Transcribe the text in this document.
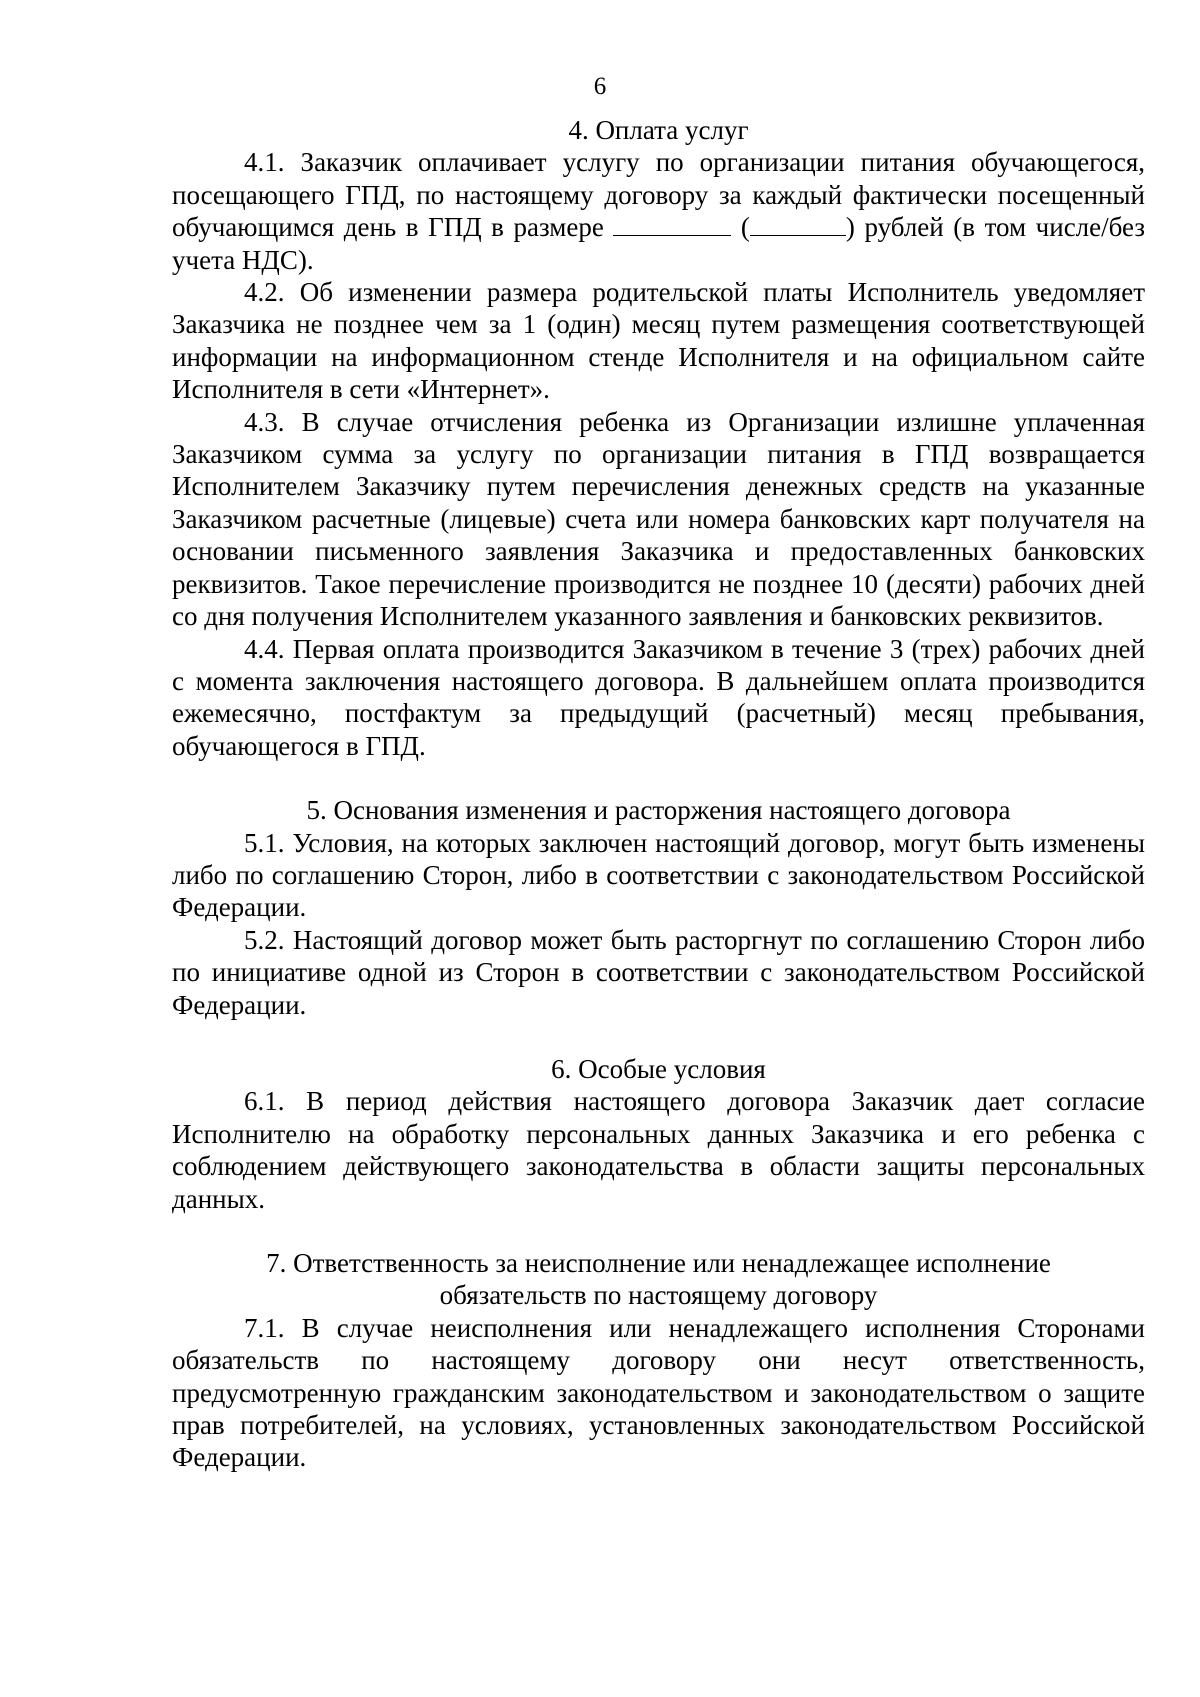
6

4. Оплата услуг

4.1. Заказчик оплачивает услугу по организации питания обучающегося, посещающего ГПД, по настоящему договору за каждый фактически посещенный обучающимся день в ГПД в размере	(	) рублей (в том числе/без учета НДС).

4.2. Об изменении размера родительской платы Исполнитель уведомляет Заказчика не позднее чем за 1 (один) месяц путем размещения соответствующей информации на информационном стенде Исполнителя и на официальном сайте Исполнителя в сети «Интернет».

4.3. В случае отчисления ребенка из Организации излишне уплаченная Заказчиком сумма за услугу по организации питания в ГПД возвращается Исполнителем Заказчику путем перечисления денежных средств на указанные Заказчиком расчетные (лицевые) счета или номера банковских карт получателя на основании письменного заявления Заказчика и предоставленных банковских реквизитов. Такое перечисление производится не позднее 10 (десяти) рабочих дней со дня получения Исполнителем указанного заявления и банковских реквизитов.

4.4. Первая оплата производится Заказчиком в течение 3 (трех) рабочих дней с момента заключения настоящего договора. В дальнейшем оплата производится ежемесячно, постфактум за предыдущий (расчетный) месяц пребывания, обучающегося в ГПД.

5. Основания изменения и расторжения настоящего договора

5.1. Условия, на которых заключен настоящий договор, могут быть изменены либо по соглашению Сторон, либо в соответствии с законодательством Российской Федерации.

5.2. Настоящий договор может быть расторгнут по соглашению Сторон либо по инициативе одной из Сторон в соответствии с законодательством Российской Федерации.

6. Особые условия

6.1. В период действия настоящего договора Заказчик дает согласие Исполнителю на обработку персональных данных Заказчика и его ребенка с соблюдением действующего законодательства в области защиты персональных данных.

7. Ответственность за неисполнение или ненадлежащее исполнение

обязательств по настоящему договору

7.1. В случае неисполнения или ненадлежащего исполнения Сторонами обязательств по настоящему договору они несут ответственность, предусмотренную гражданским законодательством и законодательством о защите прав потребителей, на условиях, установленных законодательством Российской Федерации.
